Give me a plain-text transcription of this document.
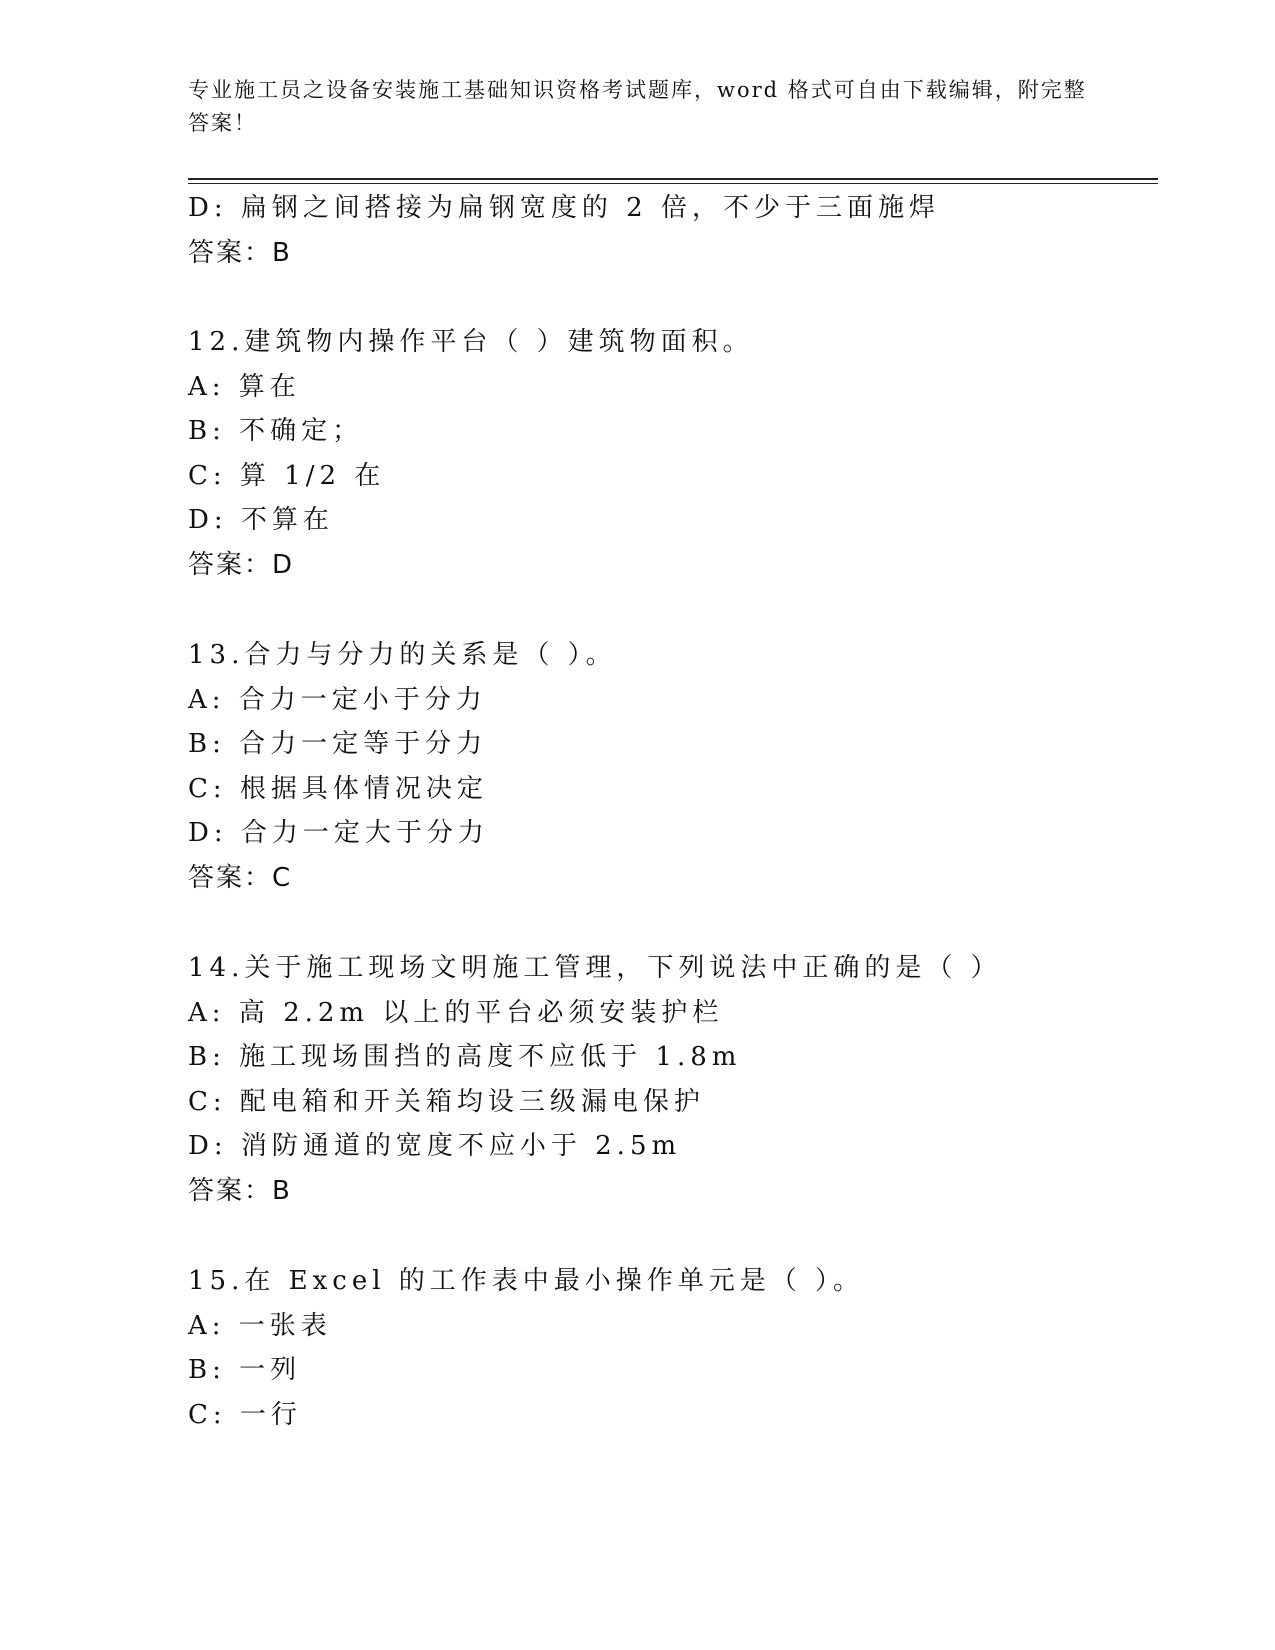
专业施工员之设备安装施工基础知识资格考试题库，word 格式可自由下载编辑，附完整答案！
D: 扁钢之间搭接为扁钢宽度的 2 倍，不少于三面施焊
答案：B
12.建筑物内操作平台（ ）建筑物面积。
A: 算在
B: 不确定；
C: 算 1/2 在
D: 不算在
答案：D
13.合力与分力的关系是（ ）。
A: 合力一定小于分力
B: 合力一定等于分力
C: 根据具体情况决定
D: 合力一定大于分力
答案：C
14.关于施工现场文明施工管理，下列说法中正确的是（ ）
A: 高 2.2m 以上的平台必须安装护栏
B: 施工现场围挡的高度不应低于 1.8m
C: 配电箱和开关箱均设三级漏电保护
D: 消防通道的宽度不应小于 2.5m
答案：B
15.在 Excel 的工作表中最小操作单元是（ ）。
A: 一张表
B: 一列
C: 一行
